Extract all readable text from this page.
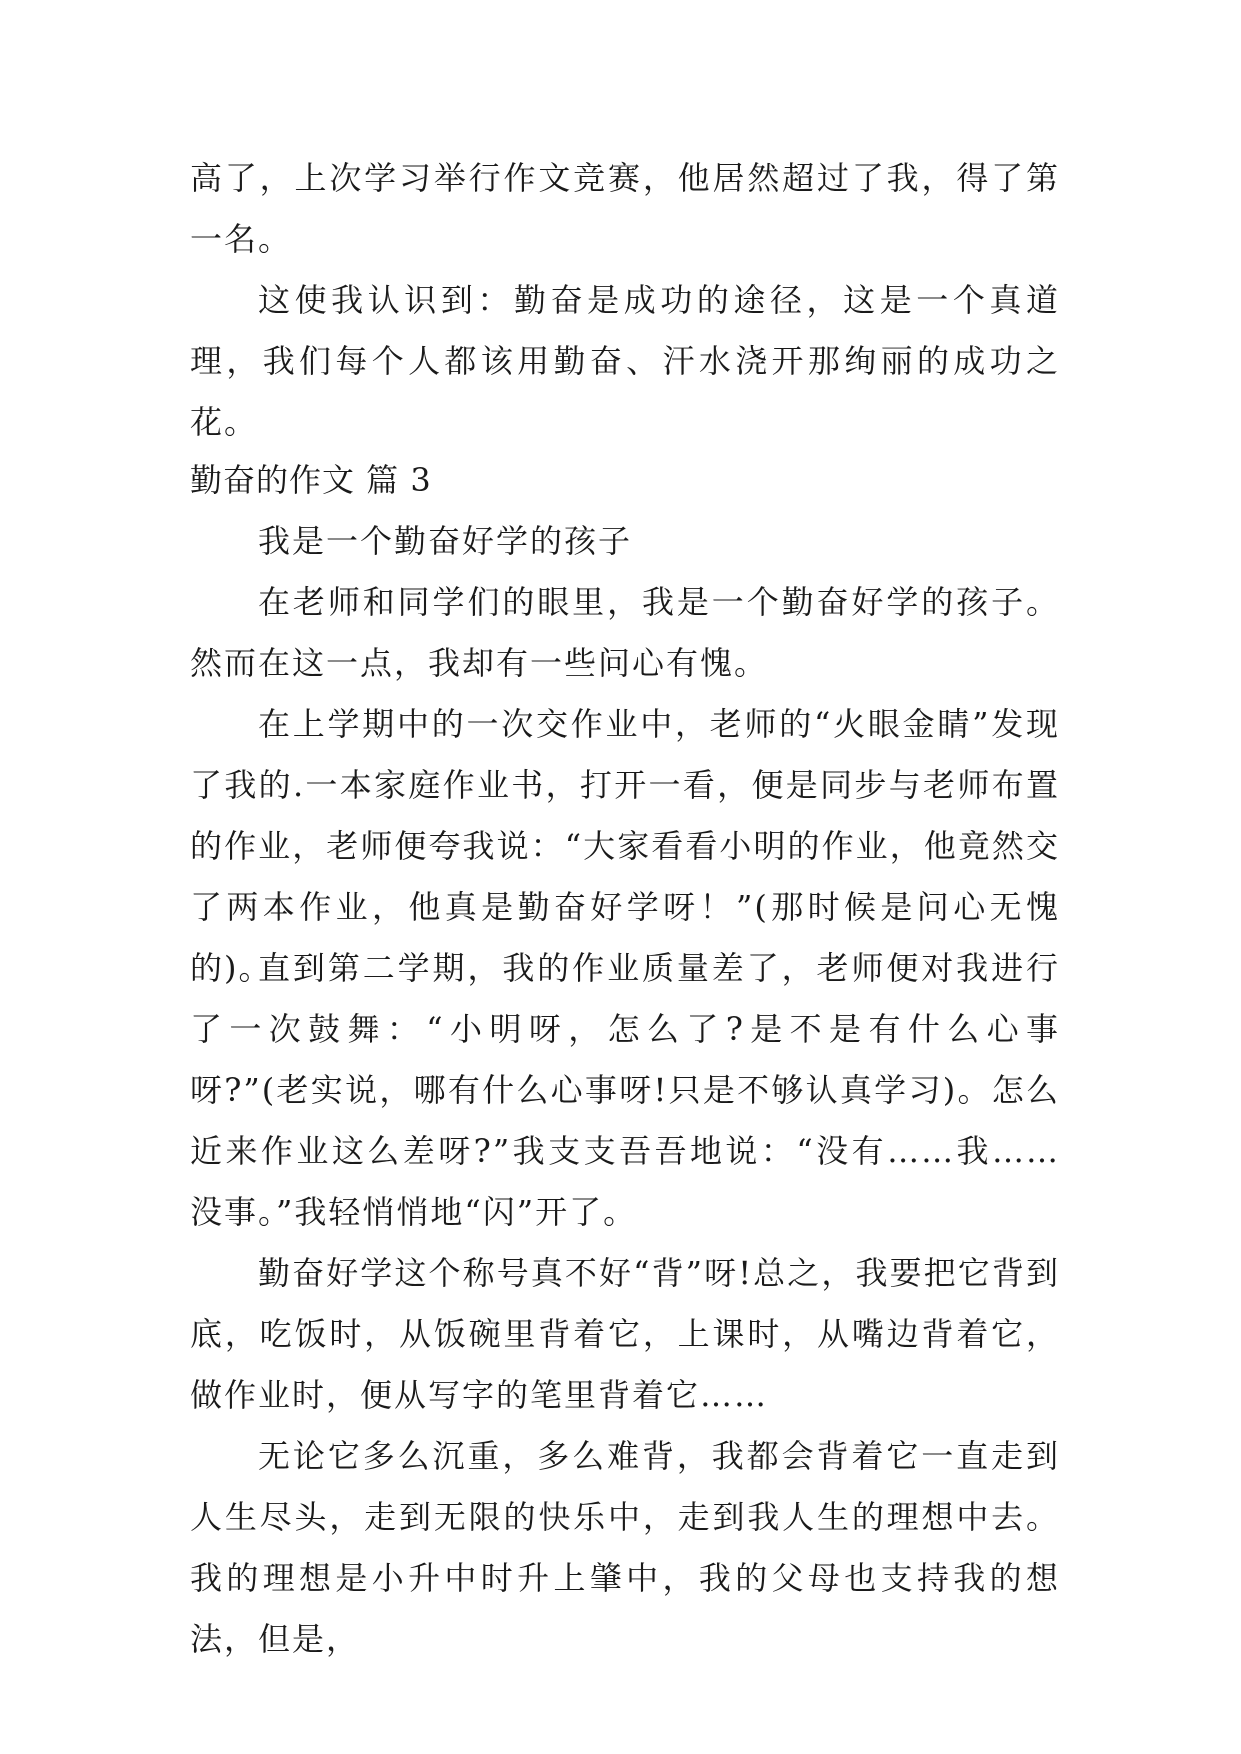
高了，上次学习举行作文竞赛，他居然超过了我，得了第一名。

这使我认识到：勤奋是成功的途径，这是一个真道理，我们每个人都该用勤奋、汗水浇开那绚丽的成功之花。

勤奋的作文 篇 3

我是一个勤奋好学的孩子

在老师和同学们的眼里，我是一个勤奋好学的孩子。然而在这一点，我却有一些问心有愧。

在上学期中的一次交作业中，老师的“火眼金睛”发现了我的.一本家庭作业书，打开一看，便是同步与老师布置的作业，老师便夸我说：“大家看看小明的作业，他竟然交了两本作业，他真是勤奋好学呀！”(那时候是问心无愧的)。

直到第二学期，我的作业质量差了，老师便对我进行了一次鼓舞：“小明呀，怎么了?是不是有什么心事呀?”(老实说，哪有什么心事呀!只是不够认真学习)。怎么近来作业这么差呀?”我支支吾吾地说：“没有……我……没事。”我轻悄悄地“闪”开了。

勤奋好学这个称号真不好“背”呀!总之，我要把它背到底，吃饭时，从饭碗里背着它，上课时，从嘴边背着它，做作业时，便从写字的笔里背着它……

无论它多么沉重，多么难背，我都会背着它一直走到人生尽头，走到无限的快乐中，走到我人生的理想中去。我的理想是小升中时升上肇中，我的父母也支持我的想法，但是，
